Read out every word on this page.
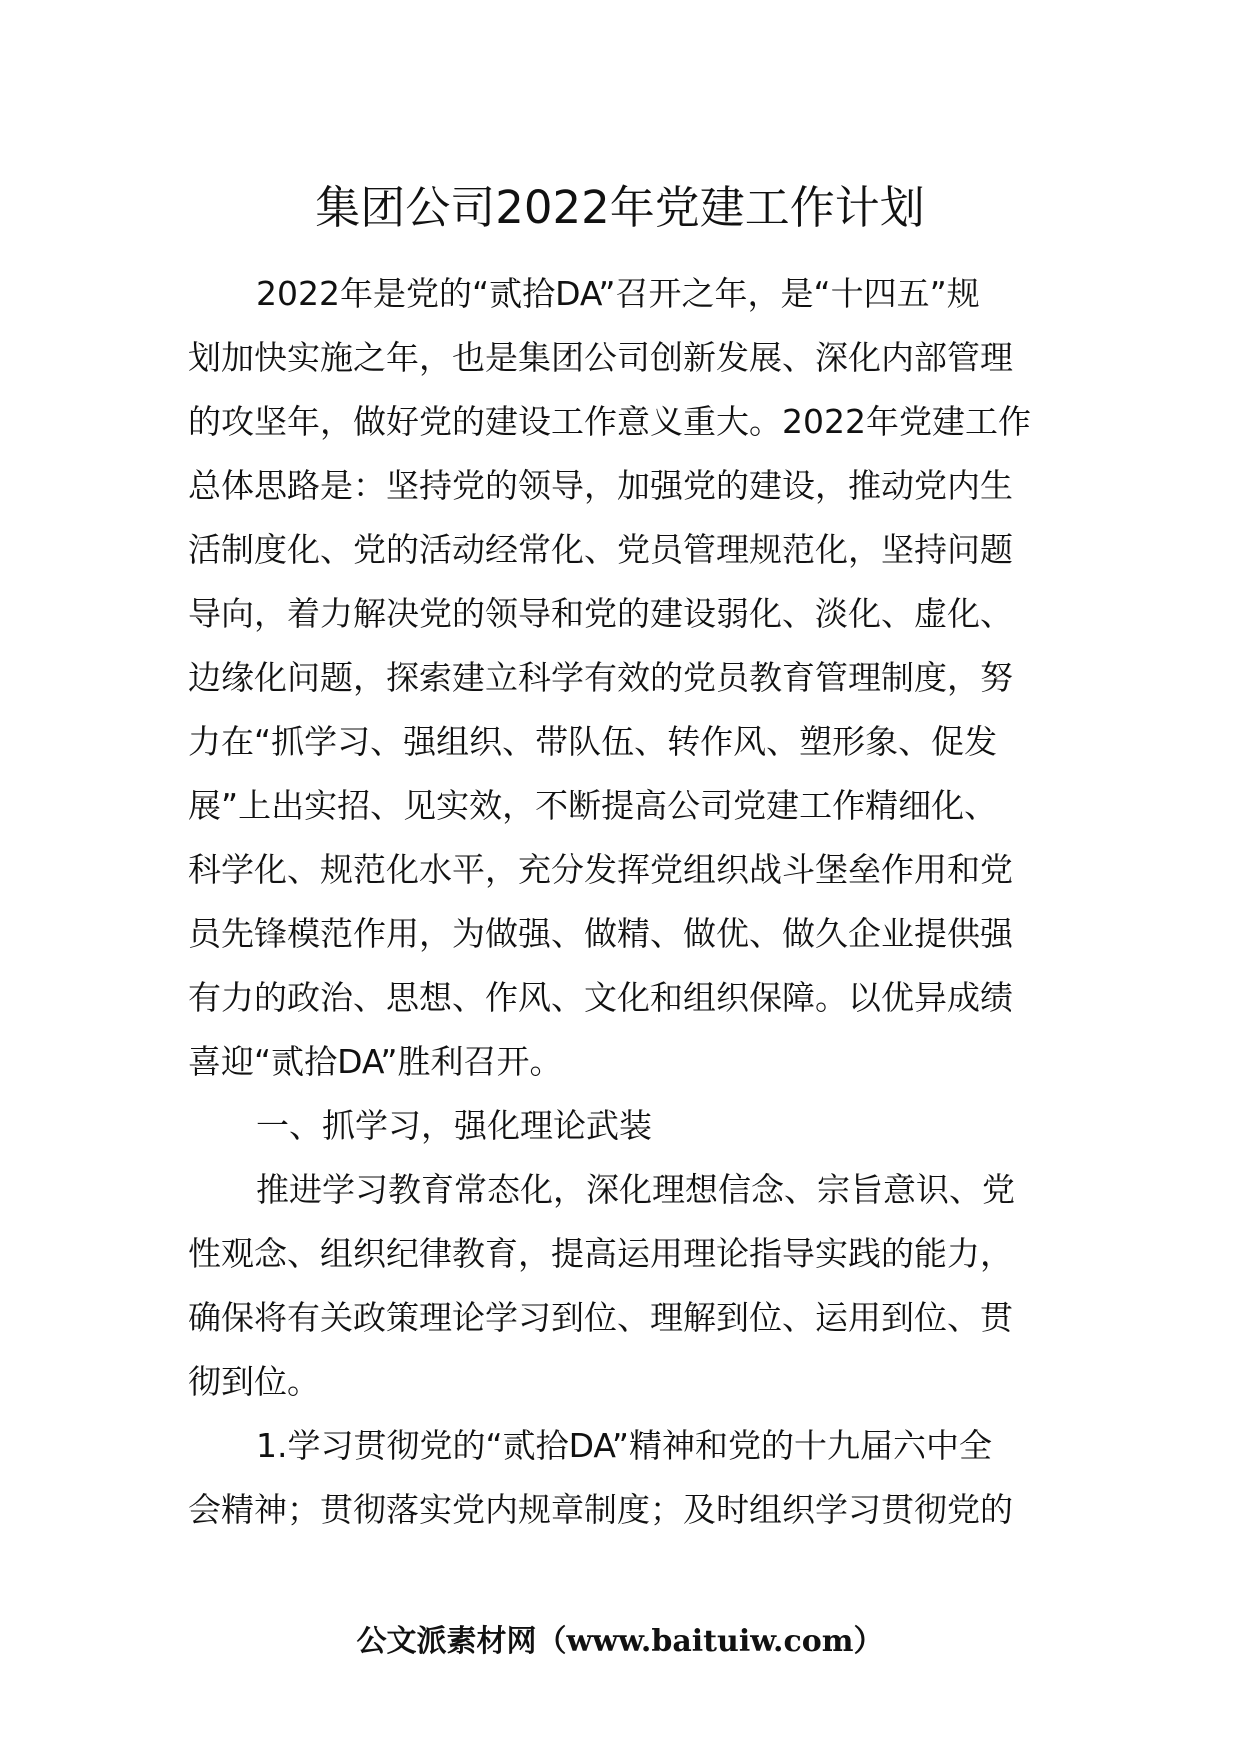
集团公司2022年党建工作计划
2022年是党的“贰拾DA”召开之年，是“十四五”规
划加快实施之年，也是集团公司创新发展、深化内部管理
的攻坚年，做好党的建设工作意义重大。2022年党建工作
总体思路是：坚持党的领导，加强党的建设，推动党内生
活制度化、党的活动经常化、党员管理规范化，坚持问题
导向，着力解决党的领导和党的建设弱化、淡化、虚化、
边缘化问题，探索建立科学有效的党员教育管理制度，努
力在“抓学习、强组织、带队伍、转作风、塑形象、促发
展”上出实招、见实效，不断提高公司党建工作精细化、
科学化、规范化水平，充分发挥党组织战斗堡垒作用和党
员先锋模范作用，为做强、做精、做优、做久企业提供强
有力的政治、思想、作风、文化和组织保障。以优异成绩
喜迎“贰拾DA”胜利召开。
一、抓学习，强化理论武装
推进学习教育常态化，深化理想信念、宗旨意识、党
性观念、组织纪律教育，提高运用理论指导实践的能力，
确保将有关政策理论学习到位、理解到位、运用到位、贯
彻到位。
1.学习贯彻党的“贰拾DA”精神和党的十九届六中全
会精神；贯彻落实党内规章制度；及时组织学习贯彻党的
公文派素材网（www.baituiw.com）
